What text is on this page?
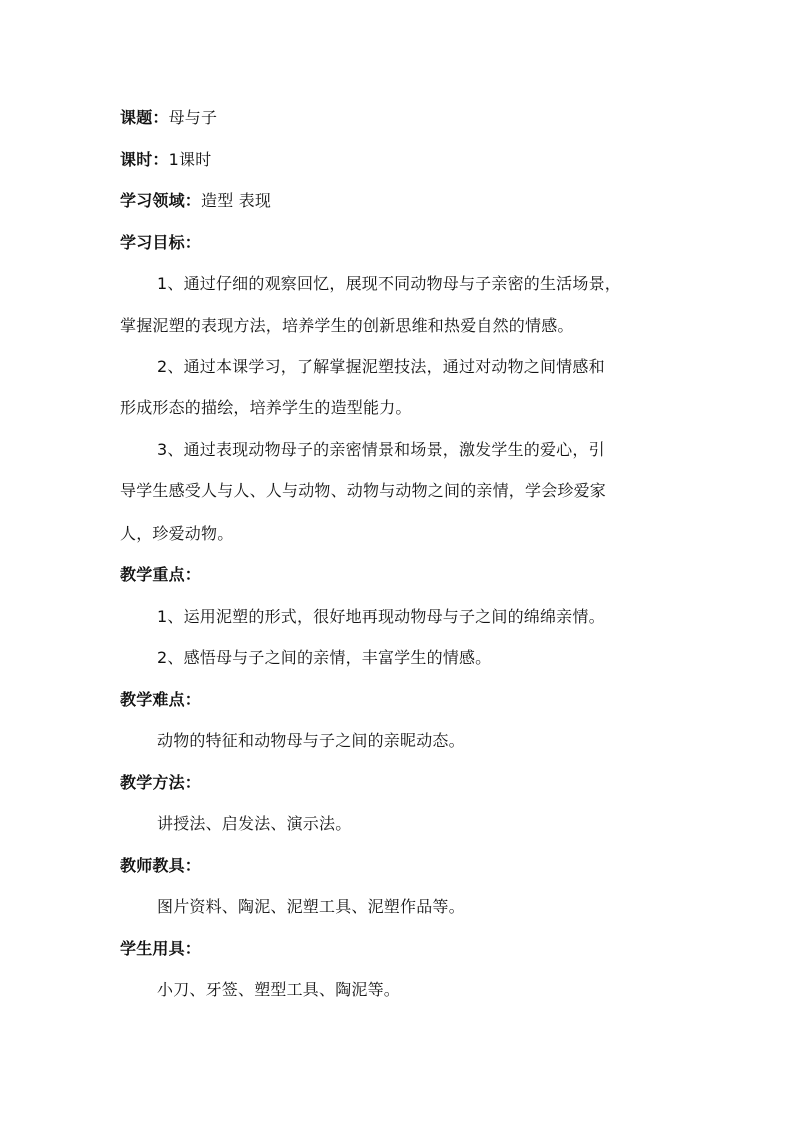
课题：母与子
课时：1课时
学习领域：造型 表现
学习目标：
1、通过仔细的观察回忆，展现不同动物母与子亲密的生活场景，
掌握泥塑的表现方法，培养学生的创新思维和热爱自然的情感。
2、通过本课学习，了解掌握泥塑技法，通过对动物之间情感和
形成形态的描绘，培养学生的造型能力。
3、通过表现动物母子的亲密情景和场景，激发学生的爱心，引
导学生感受人与人、人与动物、动物与动物之间的亲情，学会珍爱家
人，珍爱动物。
教学重点：
1、运用泥塑的形式，很好地再现动物母与子之间的绵绵亲情。
2、感悟母与子之间的亲情，丰富学生的情感。
教学难点：
动物的特征和动物母与子之间的亲昵动态。
教学方法：
讲授法、启发法、演示法。
教师教具：
图片资料、陶泥、泥塑工具、泥塑作品等。
学生用具：
小刀、牙签、塑型工具、陶泥等。
